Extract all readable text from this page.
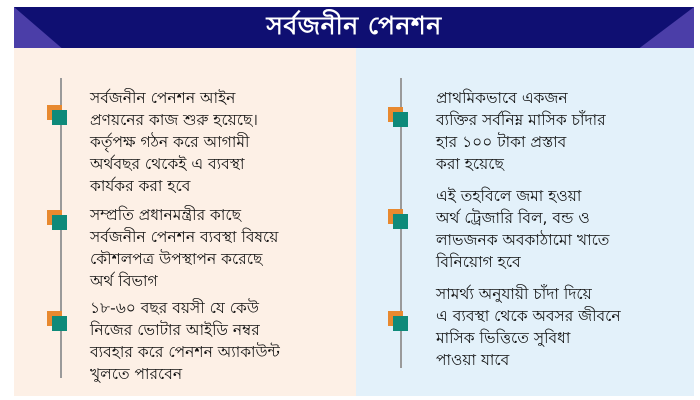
সর্বজনীন পেনশন
সর্বজনীন পেনশন আইন
প্রণয়নের কাজ শুরু হয়েছে।
কর্তৃপক্ষ গঠন করে আগামী
অর্থবছর থেকেই এ ব্যবস্থা
কার্যকর করা হবে
সম্প্রতি প্রধানমন্ত্রীর কাছে
সর্বজনীন পেনশন ব্যবস্থা বিষয়ে
কৌশলপত্র উপস্থাপন করেছে
অর্থ বিভাগ
১৮-৬০ বছর বয়সী যে কেউ
নিজের ভোটার আইডি নম্বর
ব্যবহার করে পেনশন অ্যাকাউন্ট
খুলতে পারবেন
প্রাথমিকভাবে একজন
ব্যক্তির সর্বনিম্ন মাসিক চাঁদার
হার ১০০ টাকা প্রস্তাব
করা হয়েছে
এই তহবিলে জমা হওয়া
অর্থ ট্রেজারি বিল, বন্ড ও
লাভজনক অবকাঠামো খাতে
বিনিয়োগ হবে
সামর্থ্য অনুযায়ী চাঁদা দিয়ে
এ ব্যবস্থা থেকে অবসর জীবনে
মাসিক ভিত্তিতে সুবিধা
পাওয়া যাবে
